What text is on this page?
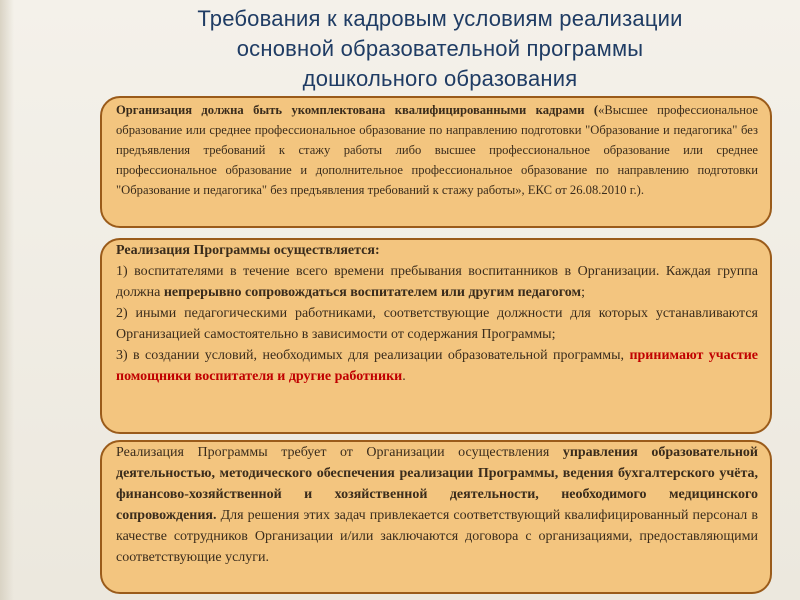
Требования к кадровым условиям реализации
основной образовательной программы
дошкольного образования

Организация должна быть укомплектована квалифицированными кадрами («Высшее профессиональное образование или среднее профессиональное образование по направлению подготовки "Образование и педагогика" без предъявления требований к стажу работы либо высшее профессиональное образование или среднее профессиональное образование и дополнительное профессиональное образование по направлению подготовки "Образование и педагогика" без предъявления требований к стажу работы», ЕКС от 26.08.2010 г.).

Реализация Программы осуществляется:

1) воспитателями в течение всего времени пребывания воспитанников в Организации. Каждая группа должна непрерывно сопровождаться воспитателем или другим педагогом;

2) иными педагогическими работниками, соответствующие должности для которых устанавливаются Организацией самостоятельно в зависимости от содержания Программы;

3) в создании условий, необходимых для реализации образовательной программы, принимают участие помощники воспитателя и другие работники.

Реализация Программы требует от Организации осуществления управления образовательной деятельностью, методического обеспечения реализации Программы, ведения бухгалтерского учёта, финансово-хозяйственной и хозяйственной деятельности, необходимого медицинского сопровождения. Для решения этих задач привлекается соответствующий квалифицированный персонал в качестве сотрудников Организации и/или заключаются договора с организациями, предоставляющими соответствующие услуги.
